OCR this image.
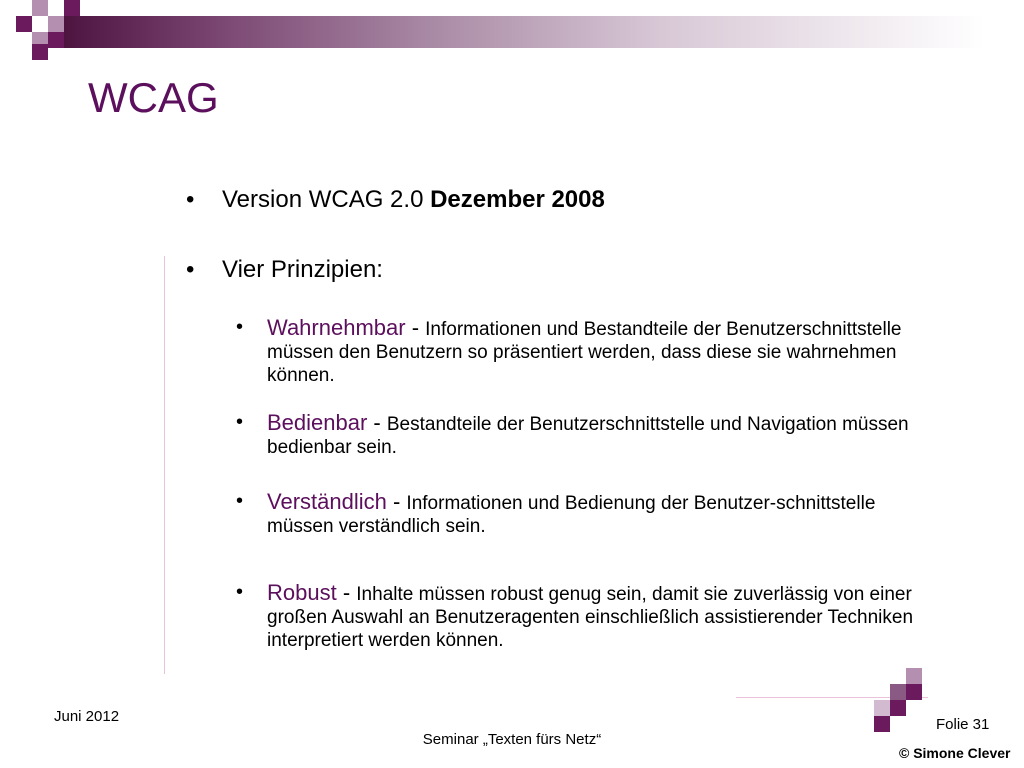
WCAG
• Version WCAG 2.0 Dezember 2008
• Vier Prinzipien:
• Wahrnehmbar - Informationen und Bestandteile der Benutzerschnittstelle müssen den Benutzern so präsentiert werden, dass diese sie wahrnehmen können.
• Bedienbar - Bestandteile der Benutzerschnittstelle und Navigation müssen bedienbar sein.
• Verständlich - Informationen und Bedienung der Benutzer-schnittstelle müssen verständlich sein.
• Robust - Inhalte müssen robust genug sein, damit sie zuverlässig von einer großen Auswahl an Benutzeragenten einschließlich assistierender Techniken interpretiert werden können.
Juni 2012
Seminar „Texten fürs Netz“
Folie 31
© Simone Clever
